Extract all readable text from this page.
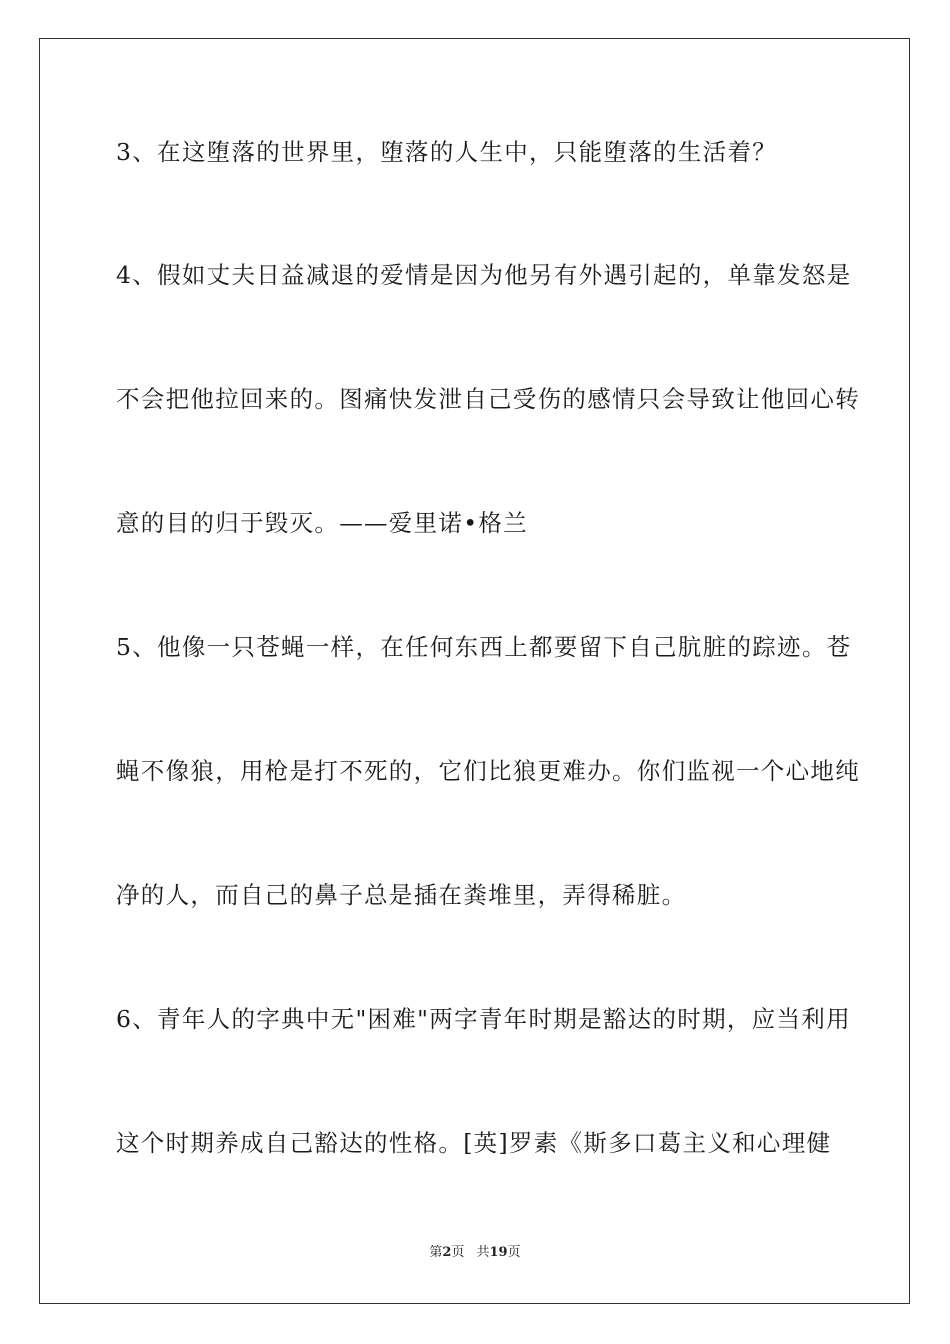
3、在这堕落的世界里，堕落的人生中，只能堕落的生活着？
4、假如丈夫日益减退的爱情是因为他另有外遇引起的，单靠发怒是
不会把他拉回来的。图痛快发泄自己受伤的感情只会导致让他回心转
意的目的归于毁灭。——爱里诺•格兰
5、他像一只苍蝇一样，在任何东西上都要留下自己肮脏的踪迹。苍
蝇不像狼，用枪是打不死的，它们比狼更难办。你们监视一个心地纯
净的人，而自己的鼻子总是插在粪堆里，弄得稀脏。
6、青年人的字典中无"困难"两字青年时期是豁达的时期，应当利用
这个时期养成自己豁达的性格。[英]罗素《斯多口葛主义和心理健
第2页 共19页
